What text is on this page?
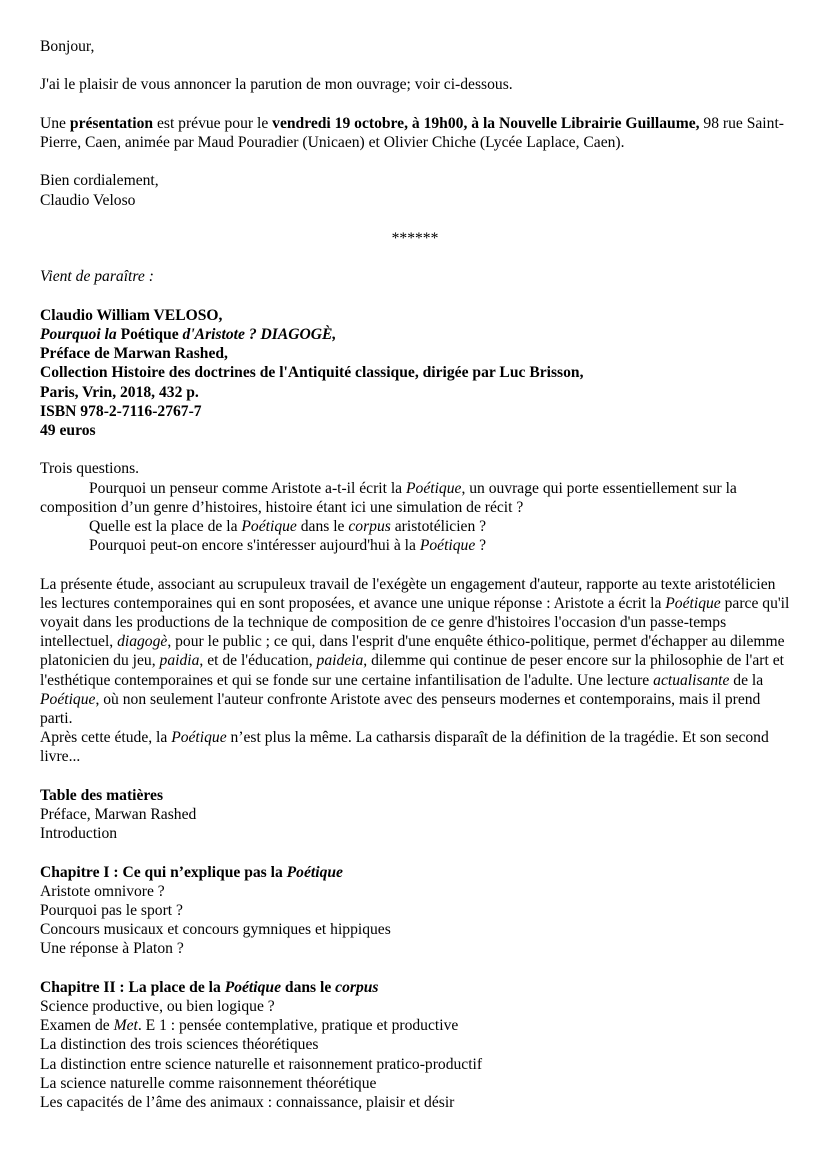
Bonjour,

J'ai le plaisir de vous annoncer la parution de mon ouvrage; voir ci-dessous.

Une présentation est prévue pour le vendredi 19 octobre, à 19h00, à la Nouvelle Librairie Guillaume, 98 rue Saint-Pierre, Caen, animée par Maud Pouradier (Unicaen) et Olivier Chiche (Lycée Laplace, Caen).

Bien cordialement,

Claudio Veloso

******

Vient de paraître :

Claudio William VELOSO,

Pourquoi la Poétique d'Aristote ? DIAGOGÈ,

Préface de Marwan Rashed,

Collection Histoire des doctrines de l'Antiquité classique, dirigée par Luc Brisson,

Paris, Vrin, 2018, 432 p.

ISBN 978-2-7116-2767-7

49 euros

Trois questions.

Pourquoi un penseur comme Aristote a-t-il écrit la Poétique, un ouvrage qui porte essentiellement sur la composition d’un genre d’histoires, histoire étant ici une simulation de récit ?

Quelle est la place de la Poétique dans le corpus aristotélicien ?

Pourquoi peut-on encore s'intéresser aujourd'hui à la Poétique ?

La présente étude, associant au scrupuleux travail de l'exégète un engagement d'auteur, rapporte au texte aristotélicien les lectures contemporaines qui en sont proposées, et avance une unique réponse : Aristote a écrit la Poétique parce qu'il voyait dans les productions de la technique de composition de ce genre d'histoires l'occasion d'un passe-temps intellectuel, diagogè, pour le public ; ce qui, dans l'esprit d'une enquête éthico-politique, permet d'échapper au dilemme platonicien du jeu, paidia, et de l'éducation, paideia, dilemme qui continue de peser encore sur la philosophie de l'art et l'esthétique contemporaines et qui se fonde sur une certaine infantilisation de l'adulte. Une lecture actualisante de la Poétique, où non seulement l'auteur confronte Aristote avec des penseurs modernes et contemporains, mais il prend parti.

Après cette étude, la Poétique n’est plus la même. La catharsis disparaît de la définition de la tragédie. Et son second livre...

Table des matières

Préface, Marwan Rashed

Introduction

Chapitre I : Ce qui n’explique pas la Poétique

Aristote omnivore ?

Pourquoi pas le sport ?

Concours musicaux et concours gymniques et hippiques

Une réponse à Platon ?

Chapitre II : La place de la Poétique dans le corpus

Science productive, ou bien logique ?

Examen de Met. E 1 : pensée contemplative, pratique et productive

La distinction des trois sciences théorétiques

La distinction entre science naturelle et raisonnement pratico-productif

La science naturelle comme raisonnement théorétique

Les capacités de l’âme des animaux : connaissance, plaisir et désir
